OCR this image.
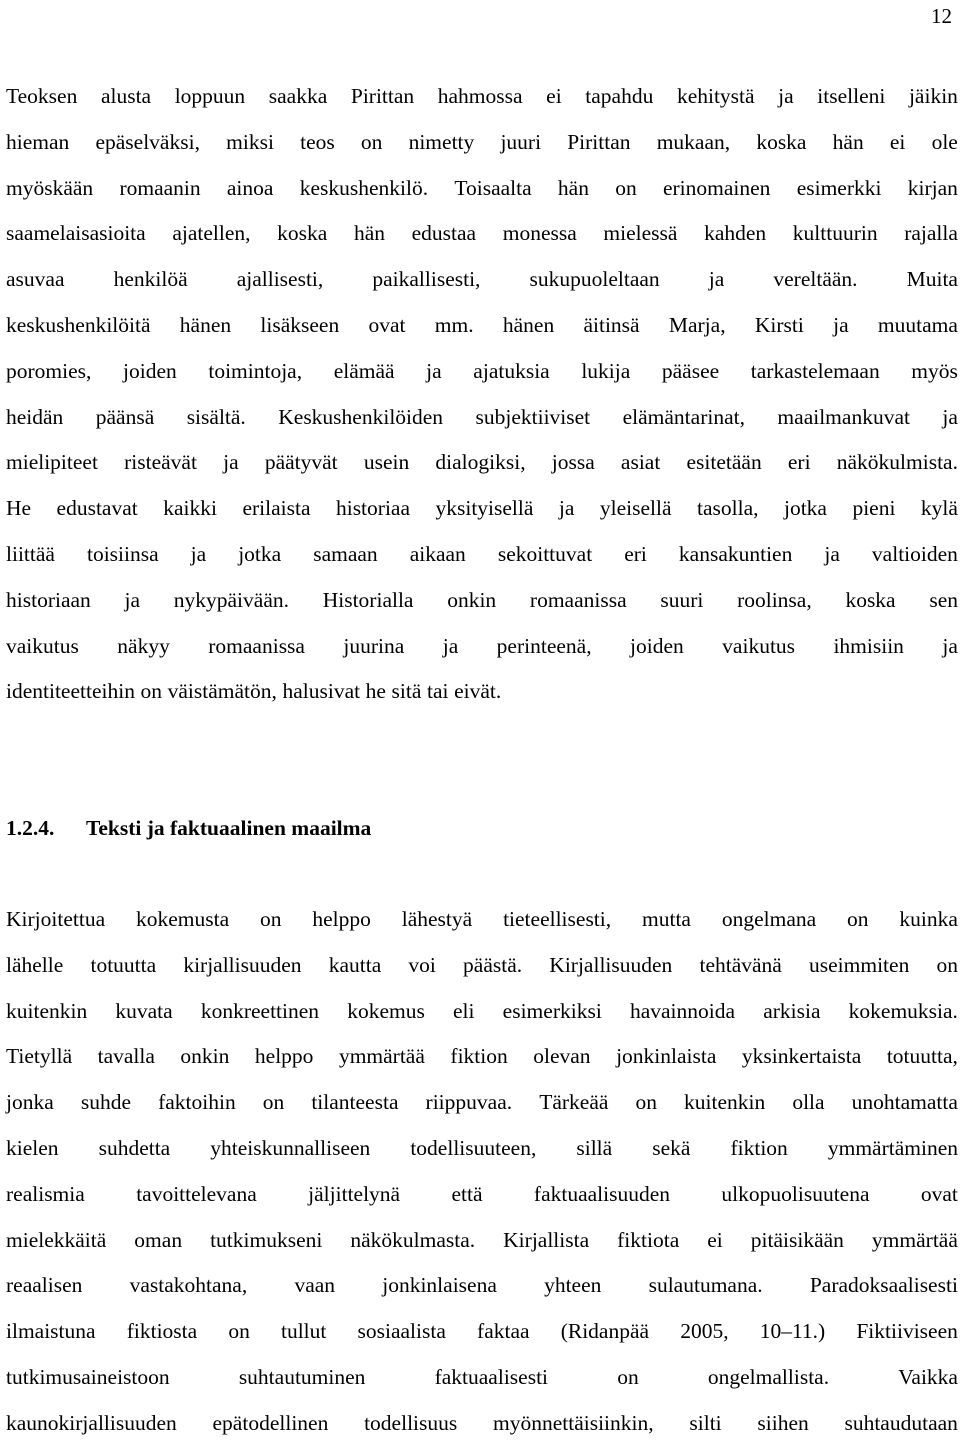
12
Teoksen alusta loppuun saakka Pirittan hahmossa ei tapahdu kehitystä ja itselleni jäikin
hieman epäselväksi, miksi teos on nimetty juuri Pirittan mukaan, koska hän ei ole
myöskään romaanin ainoa keskushenkilö. Toisaalta hän on erinomainen esimerkki kirjan
saamelaisasioita ajatellen, koska hän edustaa monessa mielessä kahden kulttuurin rajalla
asuvaa henkilöä ajallisesti, paikallisesti, sukupuoleltaan ja vereltään. Muita
keskushenkilöitä hänen lisäkseen ovat mm. hänen äitinsä Marja, Kirsti ja muutama
poromies, joiden toimintoja, elämää ja ajatuksia lukija pääsee tarkastelemaan myös
heidän päänsä sisältä. Keskushenkilöiden subjektiiviset elämäntarinat, maailmankuvat ja
mielipiteet risteävät ja päätyvät usein dialogiksi, jossa asiat esitetään eri näkökulmista.
He edustavat kaikki erilaista historiaa yksityisellä ja yleisellä tasolla, jotka pieni kylä
liittää toisiinsa ja jotka samaan aikaan sekoittuvat eri kansakuntien ja valtioiden
historiaan ja nykypäivään. Historialla onkin romaanissa suuri roolinsa, koska sen
vaikutus näkyy romaanissa juurina ja perinteenä, joiden vaikutus ihmisiin ja
identiteetteihin on väistämätön, halusivat he sitä tai eivät.
1.2.4. Teksti ja faktuaalinen maailma
Kirjoitettua kokemusta on helppo lähestyä tieteellisesti, mutta ongelmana on kuinka
lähelle totuutta kirjallisuuden kautta voi päästä. Kirjallisuuden tehtävänä useimmiten on
kuitenkin kuvata konkreettinen kokemus eli esimerkiksi havainnoida arkisia kokemuksia.
Tietyllä tavalla onkin helppo ymmärtää fiktion olevan jonkinlaista yksinkertaista totuutta,
jonka suhde faktoihin on tilanteesta riippuvaa. Tärkeää on kuitenkin olla unohtamatta
kielen suhdetta yhteiskunnalliseen todellisuuteen, sillä sekä fiktion ymmärtäminen
realismia tavoittelevana jäljittelynä että faktuaalisuuden ulkopuolisuutena ovat
mielekkäitä oman tutkimukseni näkökulmasta. Kirjallista fiktiota ei pitäisikään ymmärtää
reaalisen vastakohtana, vaan jonkinlaisena yhteen sulautumana. Paradoksaalisesti
ilmaistuna fiktiosta on tullut sosiaalista faktaa (Ridanpää 2005, 10–11.) Fiktiiviseen
tutkimusaineistoon	suhtautuminen	faktuaalisesti	on	ongelmallista.	Vaikka
kaunokirjallisuuden epätodellinen todellisuus myönnettäisiinkin, silti siihen suhtaudutaan
